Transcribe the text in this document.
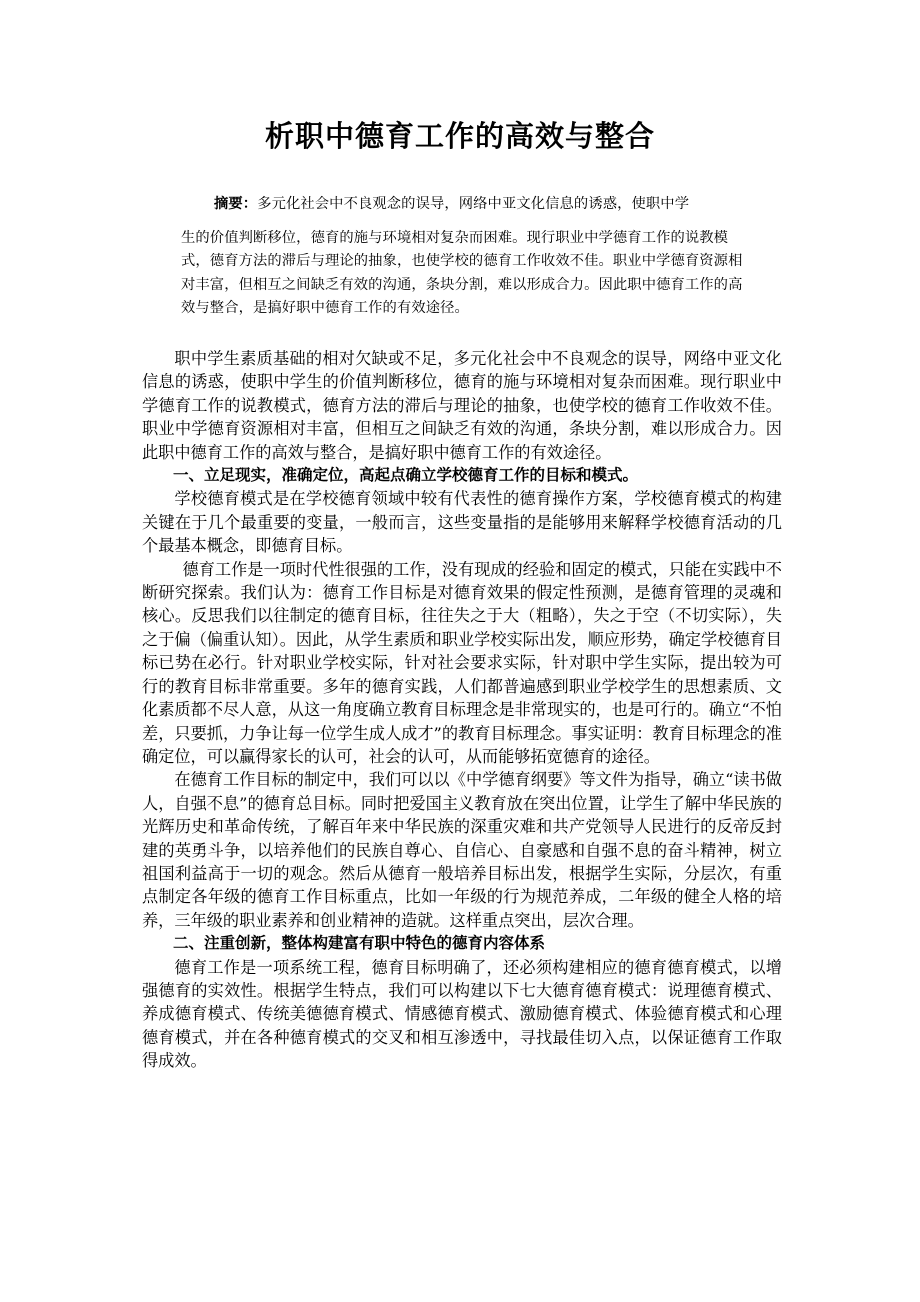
析职中德育工作的高效与整合
摘要：多元化社会中不良观念的误导，网络中亚文化信息的诱惑，使职中学
生的价值判断移位，德育的施与环境相对复杂而困难。现行职业中学德育工作的说教模式，德育方法的滞后与理论的抽象，也使学校的德育工作收效不佳。职业中学德育资源相对丰富，但相互之间缺乏有效的沟通，条块分割，难以形成合力。因此职中德育工作的高效与整合，是搞好职中德育工作的有效途径。

职中学生素质基础的相对欠缺或不足，多元化社会中不良观念的误导，网络中亚文化信息的诱惑，使职中学生的价值判断移位，德育的施与环境相对复杂而困难。现行职业中学德育工作的说教模式，德育方法的滞后与理论的抽象，也使学校的德育工作收效不佳。职业中学德育资源相对丰富，但相互之间缺乏有效的沟通，条块分割，难以形成合力。因此职中德育工作的高效与整合，是搞好职中德育工作的有效途径。

一、立足现实，准确定位，高起点确立学校德育工作的目标和模式。

学校德育模式是在学校德育领域中较有代表性的德育操作方案，学校德育模式的构建关键在于几个最重要的变量，一般而言，这些变量指的是能够用来解释学校德育活动的几个最基本概念，即德育目标。

德育工作是一项时代性很强的工作，没有现成的经验和固定的模式，只能在实践中不断研究探索。我们认为：德育工作目标是对德育效果的假定性预测，是德育管理的灵魂和核心。反思我们以往制定的德育目标，往往失之于大（粗略），失之于空（不切实际），失之于偏（偏重认知）。因此，从学生素质和职业学校实际出发，顺应形势，确定学校德育目标已势在必行。针对职业学校实际，针对社会要求实际，针对职中学生实际，提出较为可行的教育目标非常重要。多年的德育实践，人们都普遍感到职业学校学生的思想素质、文化素质都不尽人意，从这一角度确立教育目标理念是非常现实的，也是可行的。确立“不怕差，只要抓，力争让每一位学生成人成才”的教育目标理念。事实证明：教育目标理念的准确定位，可以赢得家长的认可，社会的认可，从而能够拓宽德育的途径。

在德育工作目标的制定中，我们可以以《中学德育纲要》等文件为指导，确立“读书做人，自强不息”的德育总目标。同时把爱国主义教育放在突出位置，让学生了解中华民族的光辉历史和革命传统，了解百年来中华民族的深重灾难和共产党领导人民进行的反帝反封建的英勇斗争，以培养他们的民族自尊心、自信心、自豪感和自强不息的奋斗精神，树立祖国利益高于一切的观念。然后从德育一般培养目标出发，根据学生实际，分层次，有重点制定各年级的德育工作目标重点，比如一年级的行为规范养成，二年级的健全人格的培养，三年级的职业素养和创业精神的造就。这样重点突出，层次合理。

二、注重创新，整体构建富有职中特色的德育内容体系

德育工作是一项系统工程，德育目标明确了，还必须构建相应的德育德育模式，以增强德育的实效性。根据学生特点，我们可以构建以下七大德育德育模式：说理德育模式、养成德育模式、传统美德德育模式、情感德育模式、激励德育模式、体验德育模式和心理德育模式，并在各种德育模式的交叉和相互渗透中，寻找最佳切入点，以保证德育工作取得成效。
